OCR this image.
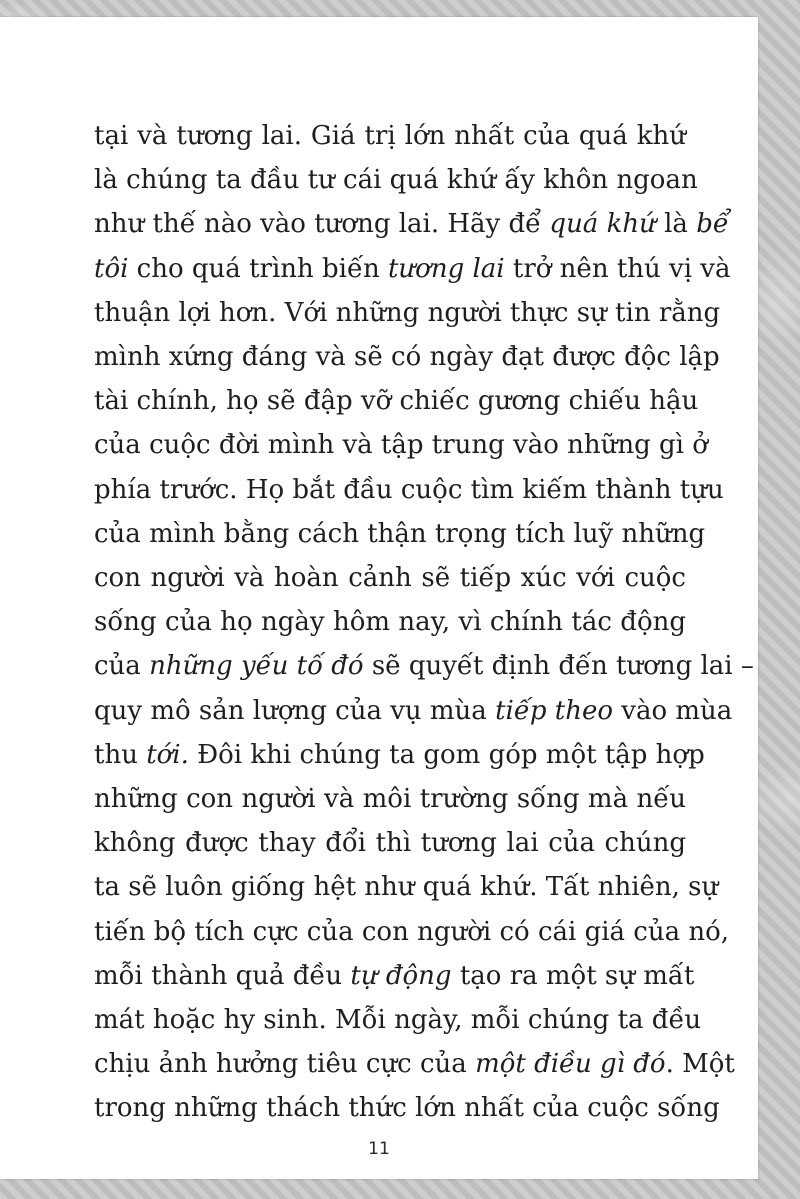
tại và tương lai. Giá trị lớn nhất của quá khứ
là chúng ta đầu tư cái quá khứ ấy khôn ngoan
như thế nào vào tương lai. Hãy để quá khứ là bể
tôi cho quá trình biến tương lai trở nên thú vị và
thuận lợi hơn. Với những người thực sự tin rằng
mình xứng đáng và sẽ có ngày đạt được độc lập
tài chính, họ sẽ đập vỡ chiếc gương chiếu hậu
của cuộc đời mình và tập trung vào những gì ở
phía trước. Họ bắt đầu cuộc tìm kiếm thành tựu
của mình bằng cách thận trọng tích luỹ những
con người và hoàn cảnh sẽ tiếp xúc với cuộc
sống của họ ngày hôm nay, vì chính tác động
của những yếu tố đó sẽ quyết định đến tương lai –
quy mô sản lượng của vụ mùa tiếp theo vào mùa
thu tới. Đôi khi chúng ta gom góp một tập hợp
những con người và môi trường sống mà nếu
không được thay đổi thì tương lai của chúng
ta sẽ luôn giống hệt như quá khứ. Tất nhiên, sự
tiến bộ tích cực của con người có cái giá của nó,
mỗi thành quả đều tự động tạo ra một sự mất
mát hoặc hy sinh. Mỗi ngày, mỗi chúng ta đều
chịu ảnh hưởng tiêu cực của một điều gì đó. Một
trong những thách thức lớn nhất của cuộc sống
11
